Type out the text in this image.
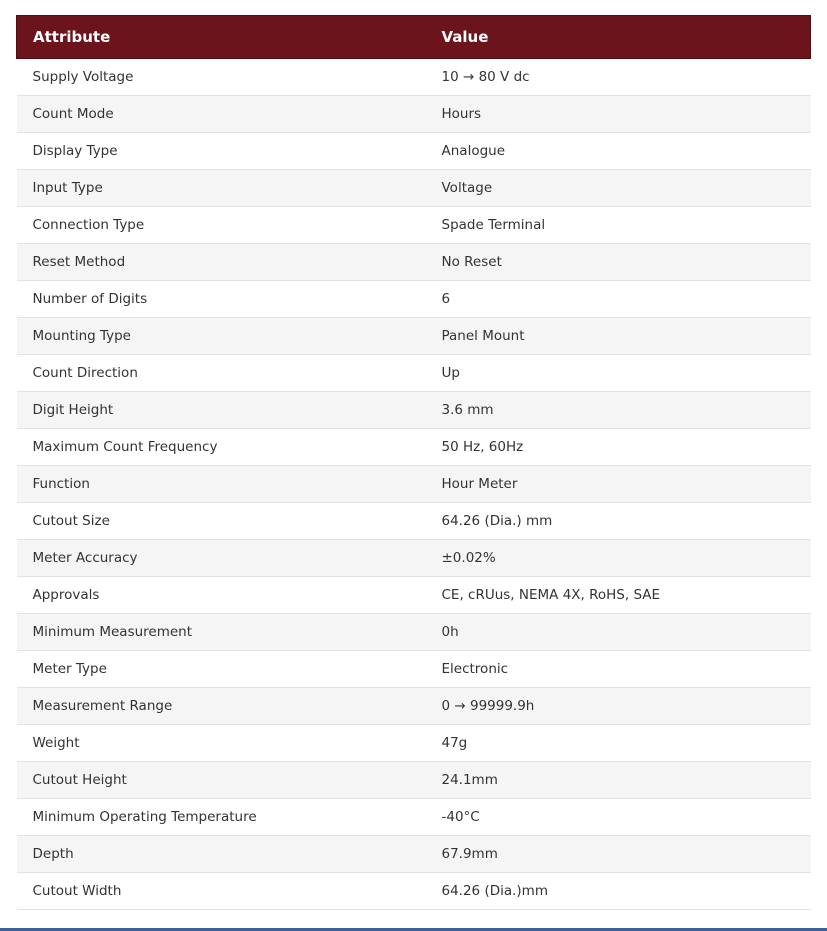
Attribute	Value
Supply Voltage	10 → 80 V dc
Count Mode	Hours
Display Type	Analogue
Input Type	Voltage
Connection Type	Spade Terminal
Reset Method	No Reset
Number of Digits	6
Mounting Type	Panel Mount
Count Direction	Up
Digit Height	3.6 mm
Maximum Count Frequency	50 Hz, 60Hz
Function	Hour Meter
Cutout Size	64.26 (Dia.) mm
Meter Accuracy	±0.02%
Approvals	CE, cRUus, NEMA 4X, RoHS, SAE
Minimum Measurement	0h
Meter Type	Electronic
Measurement Range	0 → 99999.9h
Weight	47g
Cutout Height	24.1mm
Minimum Operating Temperature	-40°C
Depth	67.9mm
Cutout Width	64.26 (Dia.)mm
